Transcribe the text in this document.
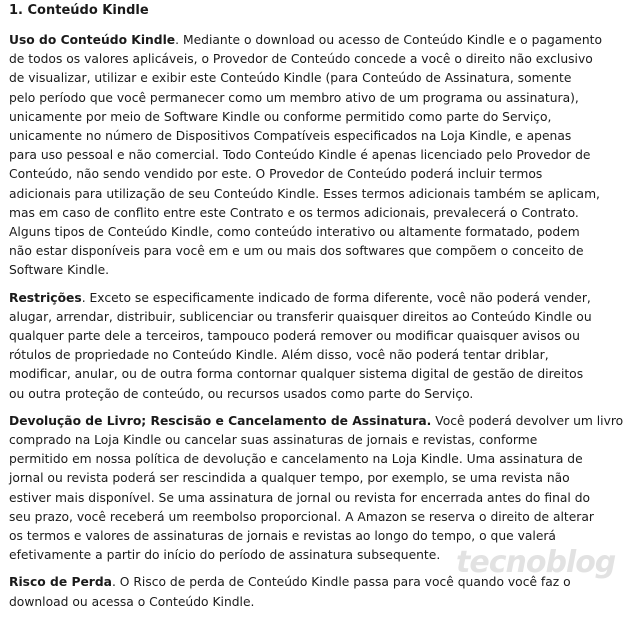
1. Conteúdo Kindle
Uso do Conteúdo Kindle. Mediante o download ou acesso de Conteúdo Kindle e o pagamento
de todos os valores aplicáveis, o Provedor de Conteúdo concede a você o direito não exclusivo
de visualizar, utilizar e exibir este Conteúdo Kindle (para Conteúdo de Assinatura, somente
pelo período que você permanecer como um membro ativo de um programa ou assinatura),
unicamente por meio de Software Kindle ou conforme permitido como parte do Serviço,
unicamente no número de Dispositivos Compatíveis especificados na Loja Kindle, e apenas
para uso pessoal e não comercial. Todo Conteúdo Kindle é apenas licenciado pelo Provedor de
Conteúdo, não sendo vendido por este. O Provedor de Conteúdo poderá incluir termos
adicionais para utilização de seu Conteúdo Kindle. Esses termos adicionais também se aplicam,
mas em caso de conflito entre este Contrato e os termos adicionais, prevalecerá o Contrato.
Alguns tipos de Conteúdo Kindle, como conteúdo interativo ou altamente formatado, podem
não estar disponíveis para você em e um ou mais dos softwares que compõem o conceito de
Software Kindle.
Restrições. Exceto se especificamente indicado de forma diferente, você não poderá vender,
alugar, arrendar, distribuir, sublicenciar ou transferir quaisquer direitos ao Conteúdo Kindle ou
qualquer parte dele a terceiros, tampouco poderá remover ou modificar quaisquer avisos ou
rótulos de propriedade no Conteúdo Kindle. Além disso, você não poderá tentar driblar,
modificar, anular, ou de outra forma contornar qualquer sistema digital de gestão de direitos
ou outra proteção de conteúdo, ou recursos usados como parte do Serviço.
Devolução de Livro; Rescisão e Cancelamento de Assinatura. Você poderá devolver um livro
comprado na Loja Kindle ou cancelar suas assinaturas de jornais e revistas, conforme
permitido em nossa política de devolução e cancelamento na Loja Kindle. Uma assinatura de
jornal ou revista poderá ser rescindida a qualquer tempo, por exemplo, se uma revista não
estiver mais disponível. Se uma assinatura de jornal ou revista for encerrada antes do final do
seu prazo, você receberá um reembolso proporcional. A Amazon se reserva o direito de alterar
os termos e valores de assinaturas de jornais e revistas ao longo do tempo, o que valerá
efetivamente a partir do início do período de assinatura subsequente.
Risco de Perda. O Risco de perda de Conteúdo Kindle passa para você quando você faz o
download ou acessa o Conteúdo Kindle.
tecnoblog
